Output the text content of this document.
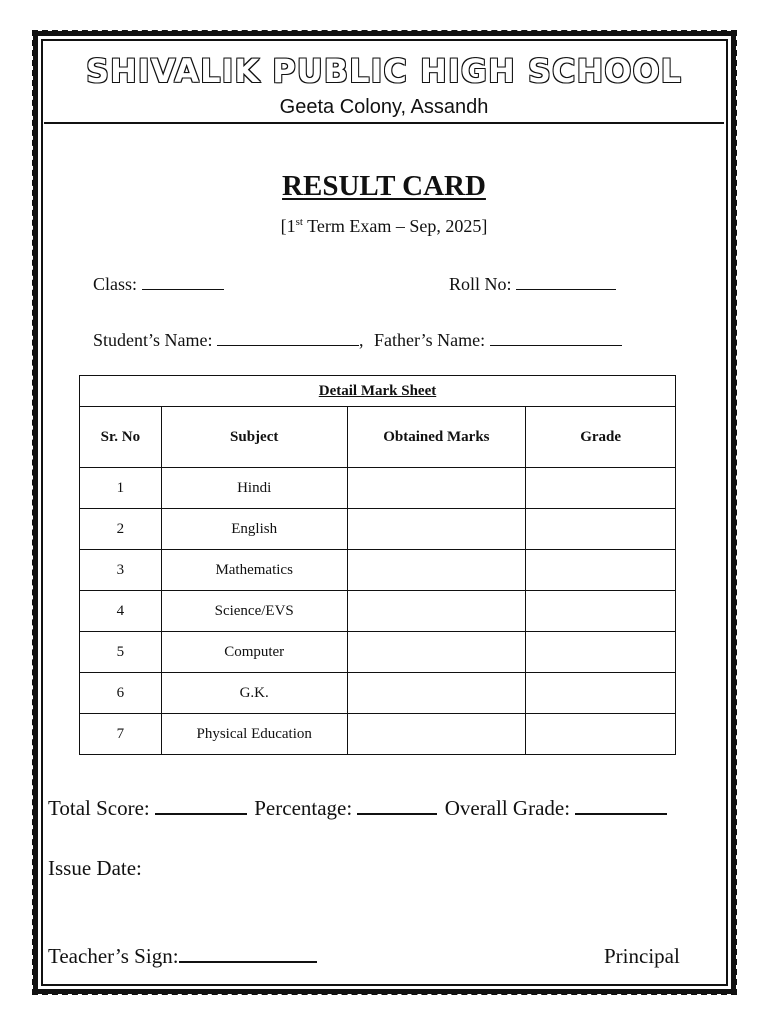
SHIVALIK PUBLIC HIGH SCHOOL
Geeta Colony, Assandh
RESULT CARD
[1st Term Exam – Sep, 2025]
Class:	Roll No:
Student’s Name:	, Father’s Name:
Detail Mark Sheet			
Sr. No	Subject	Obtained Marks	Grade
1	Hindi		
2	English		
3	Mathematics		
4	Science/EVS		
5	Computer		
6	G.K.		
7	Physical Education		
Total Score:	Percentage:	Overall Grade:
Issue Date:
Teacher’s Sign:	Principal
